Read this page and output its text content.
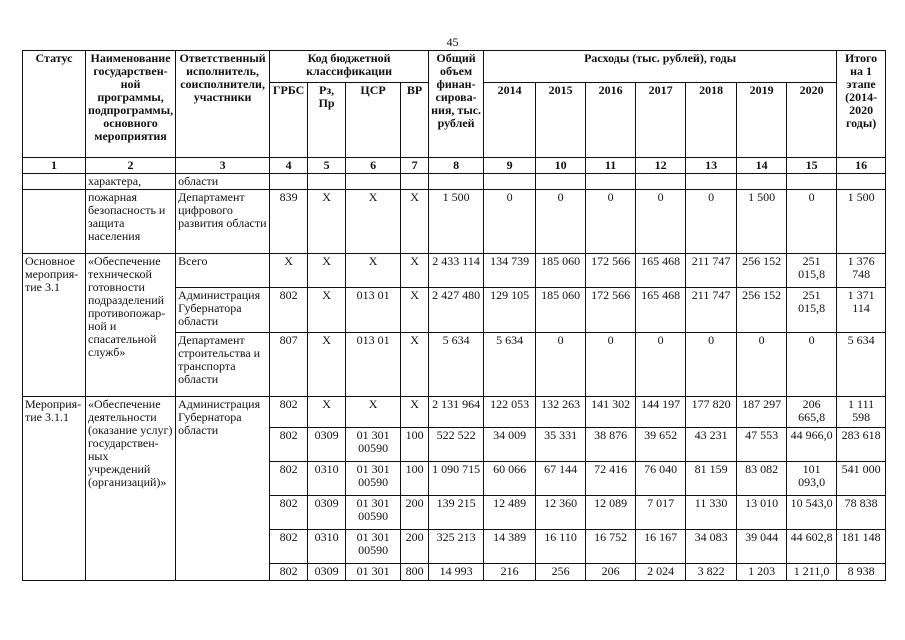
45
Статус	Наименование государствен-ной программы, подпрограммы, основного мероприятия	Ответственный исполнитель, соисполнители, участники	Код бюджетной классификации				Общий объем финан-сирова-ния, тыс. рублей	Расходы (тыс. рублей), годы							Итого на 1 этапе (2014-2020 годы)
			ГРБС	Рз, Пр	ЦСР	ВР		2014	2015	2016	2017	2018	2019	2020	
1	2	3	4	5	6	7	8	9	10	11	12	13	14	15	16
	характера,	области													
	пожарная безопасность и защита населения	Департамент цифрового развития области	839	Х	Х	Х	1 500	0	0	0	0	0	1 500	0	1 500
Основное мероприя-тие 3.1	«Обеспечение технической готовности подразделений противопожар-ной и спасательной служб»	Всего	Х	Х	Х	Х	2 433 114	134 739	185 060	172 566	165 468	211 747	256 152	251 015,8	1 376 748
		Администрация Губернатора области	802	Х	013 01	Х	2 427 480	129 105	185 060	172 566	165 468	211 747	256 152	251 015,8	1 371 114
		Департамент строительства и транспорта области	807	Х	013 01	Х	5 634	5 634	0	0	0	0	0	0	5 634
Мероприя-тие 3.1.1	«Обеспечение деятельности (оказание услуг) государствен-ных учреждений (организаций)»	Администрация Губернатора области	802	Х	Х	Х	2 131 964	122 053	132 263	141 302	144 197	177 820	187 297	206 665,8	1 111 598
			802	0309	01 301 00590	100	522 522	34 009	35 331	38 876	39 652	43 231	47 553	44 966,0	283 618
			802	0310	01 301 00590	100	1 090 715	60 066	67 144	72 416	76 040	81 159	83 082	101 093,0	541 000
			802	0309	01 301 00590	200	139 215	12 489	12 360	12 089	7 017	11 330	13 010	10 543,0	78 838
			802	0310	01 301 00590	200	325 213	14 389	16 110	16 752	16 167	34 083	39 044	44 602,8	181 148
			802	0309	01 301	800	14 993	216	256	206	2 024	3 822	1 203	1 211,0	8 938
